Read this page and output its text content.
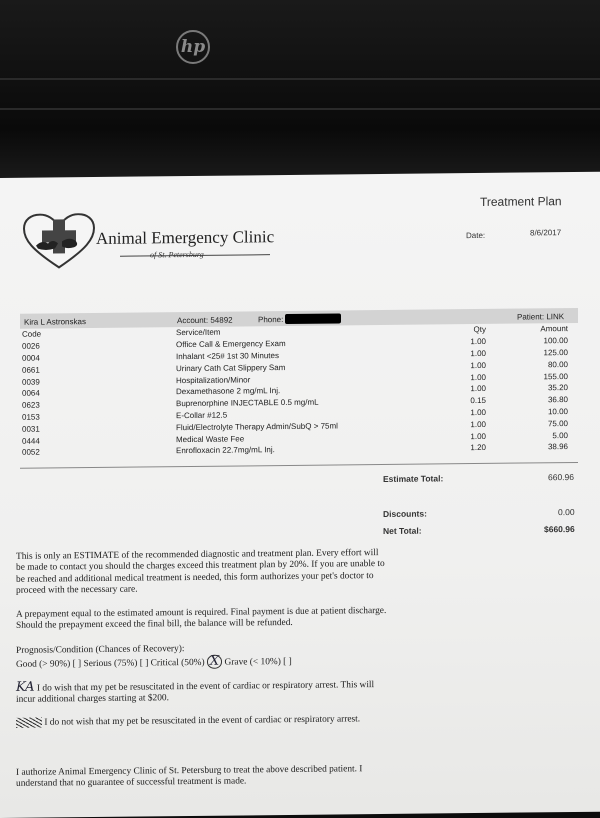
hp
Treatment Plan
Date:	8/6/2017
Animal Emergency Clinic
of St. Petersburg
Kira L Astronskas	Account: 54892	Phone:	Patient: LINK
Code	Service/Item	Qty	Amount
0026	Office Call & Emergency Exam	1.00	100.00
0004	Inhalant <25# 1st 30 Minutes	1.00	125.00
0661	Urinary Cath Cat Slippery Sam	1.00	80.00
0039	Hospitalization/Minor	1.00	155.00
0064	Dexamethasone 2 mg/mL Inj.	1.00	35.20
0623	Buprenorphine INJECTABLE 0.5 mg/mL	0.15	36.80
0153	E-Collar #12.5	1.00	10.00
0031	Fluid/Electrolyte Therapy Admin/SubQ > 75ml	1.00	75.00
0444	Medical Waste Fee	1.00	5.00
0052	Enrofloxacin 22.7mg/mL Inj.	1.20	38.96
Estimate Total:	660.96
Discounts:	0.00
Net Total:	$660.96
This is only an ESTIMATE of the recommended diagnostic and treatment plan. Every effort will be made to contact you should the charges exceed this treatment plan by 20%. If you are unable to be reached and additional medical treatment is needed, this form authorizes your pet's doctor to proceed with the necessary care.
A prepayment equal to the estimated amount is required. Final payment is due at patient discharge. Should the prepayment exceed the final bill, the balance will be refunded.
Prognosis/Condition (Chances of Recovery):
Good (> 90%) [ ] Serious (75%) [ ] Critical (50%) X Grave (< 10%) [ ]
KA I do wish that my pet be resuscitated in the event of cardiac or respiratory arrest. This will incur additional charges starting at $200.
I do not wish that my pet be resuscitated in the event of cardiac or respiratory arrest.
I authorize Animal Emergency Clinic of St. Petersburg to treat the above described patient. I understand that no guarantee of successful treatment is made.
